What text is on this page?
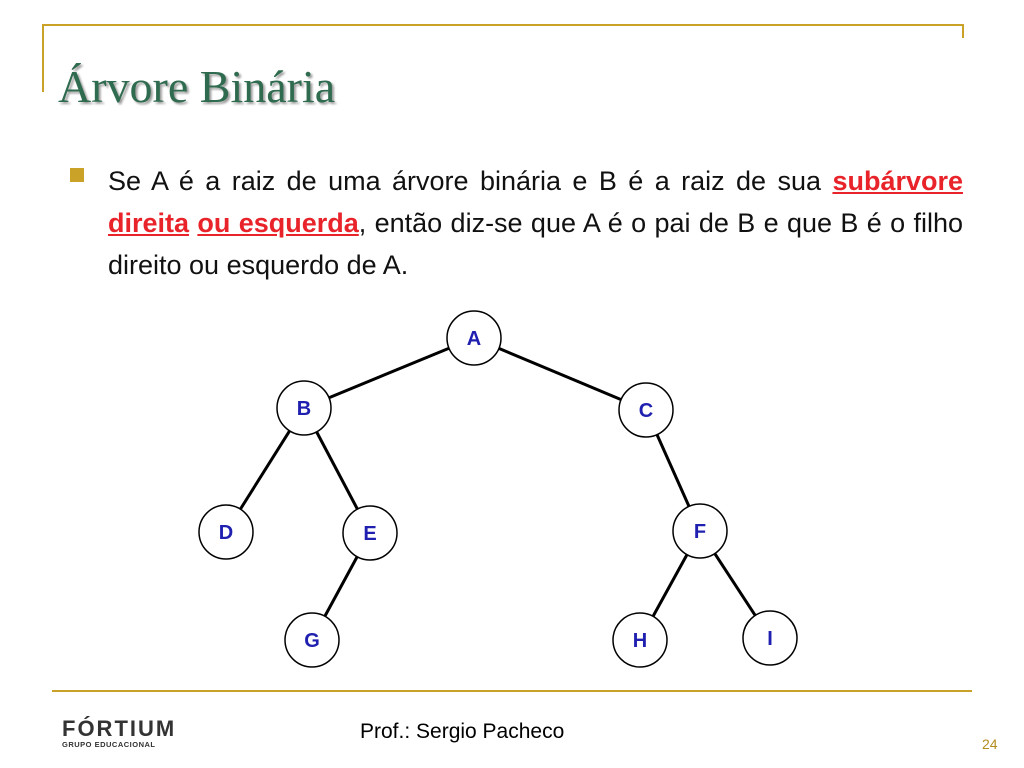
Árvore Binária

Se A é a raiz de uma árvore binária e B é a raiz de sua subárvore direita ou esquerda, então diz-se que A é o pai de B e que B é o filho direito ou esquerdo de A.

A
B	C
D	E	F
G	H	I
FÓRTIUM
GRUPO EDUCACIONAL
Prof.: Sergio Pacheco
24
